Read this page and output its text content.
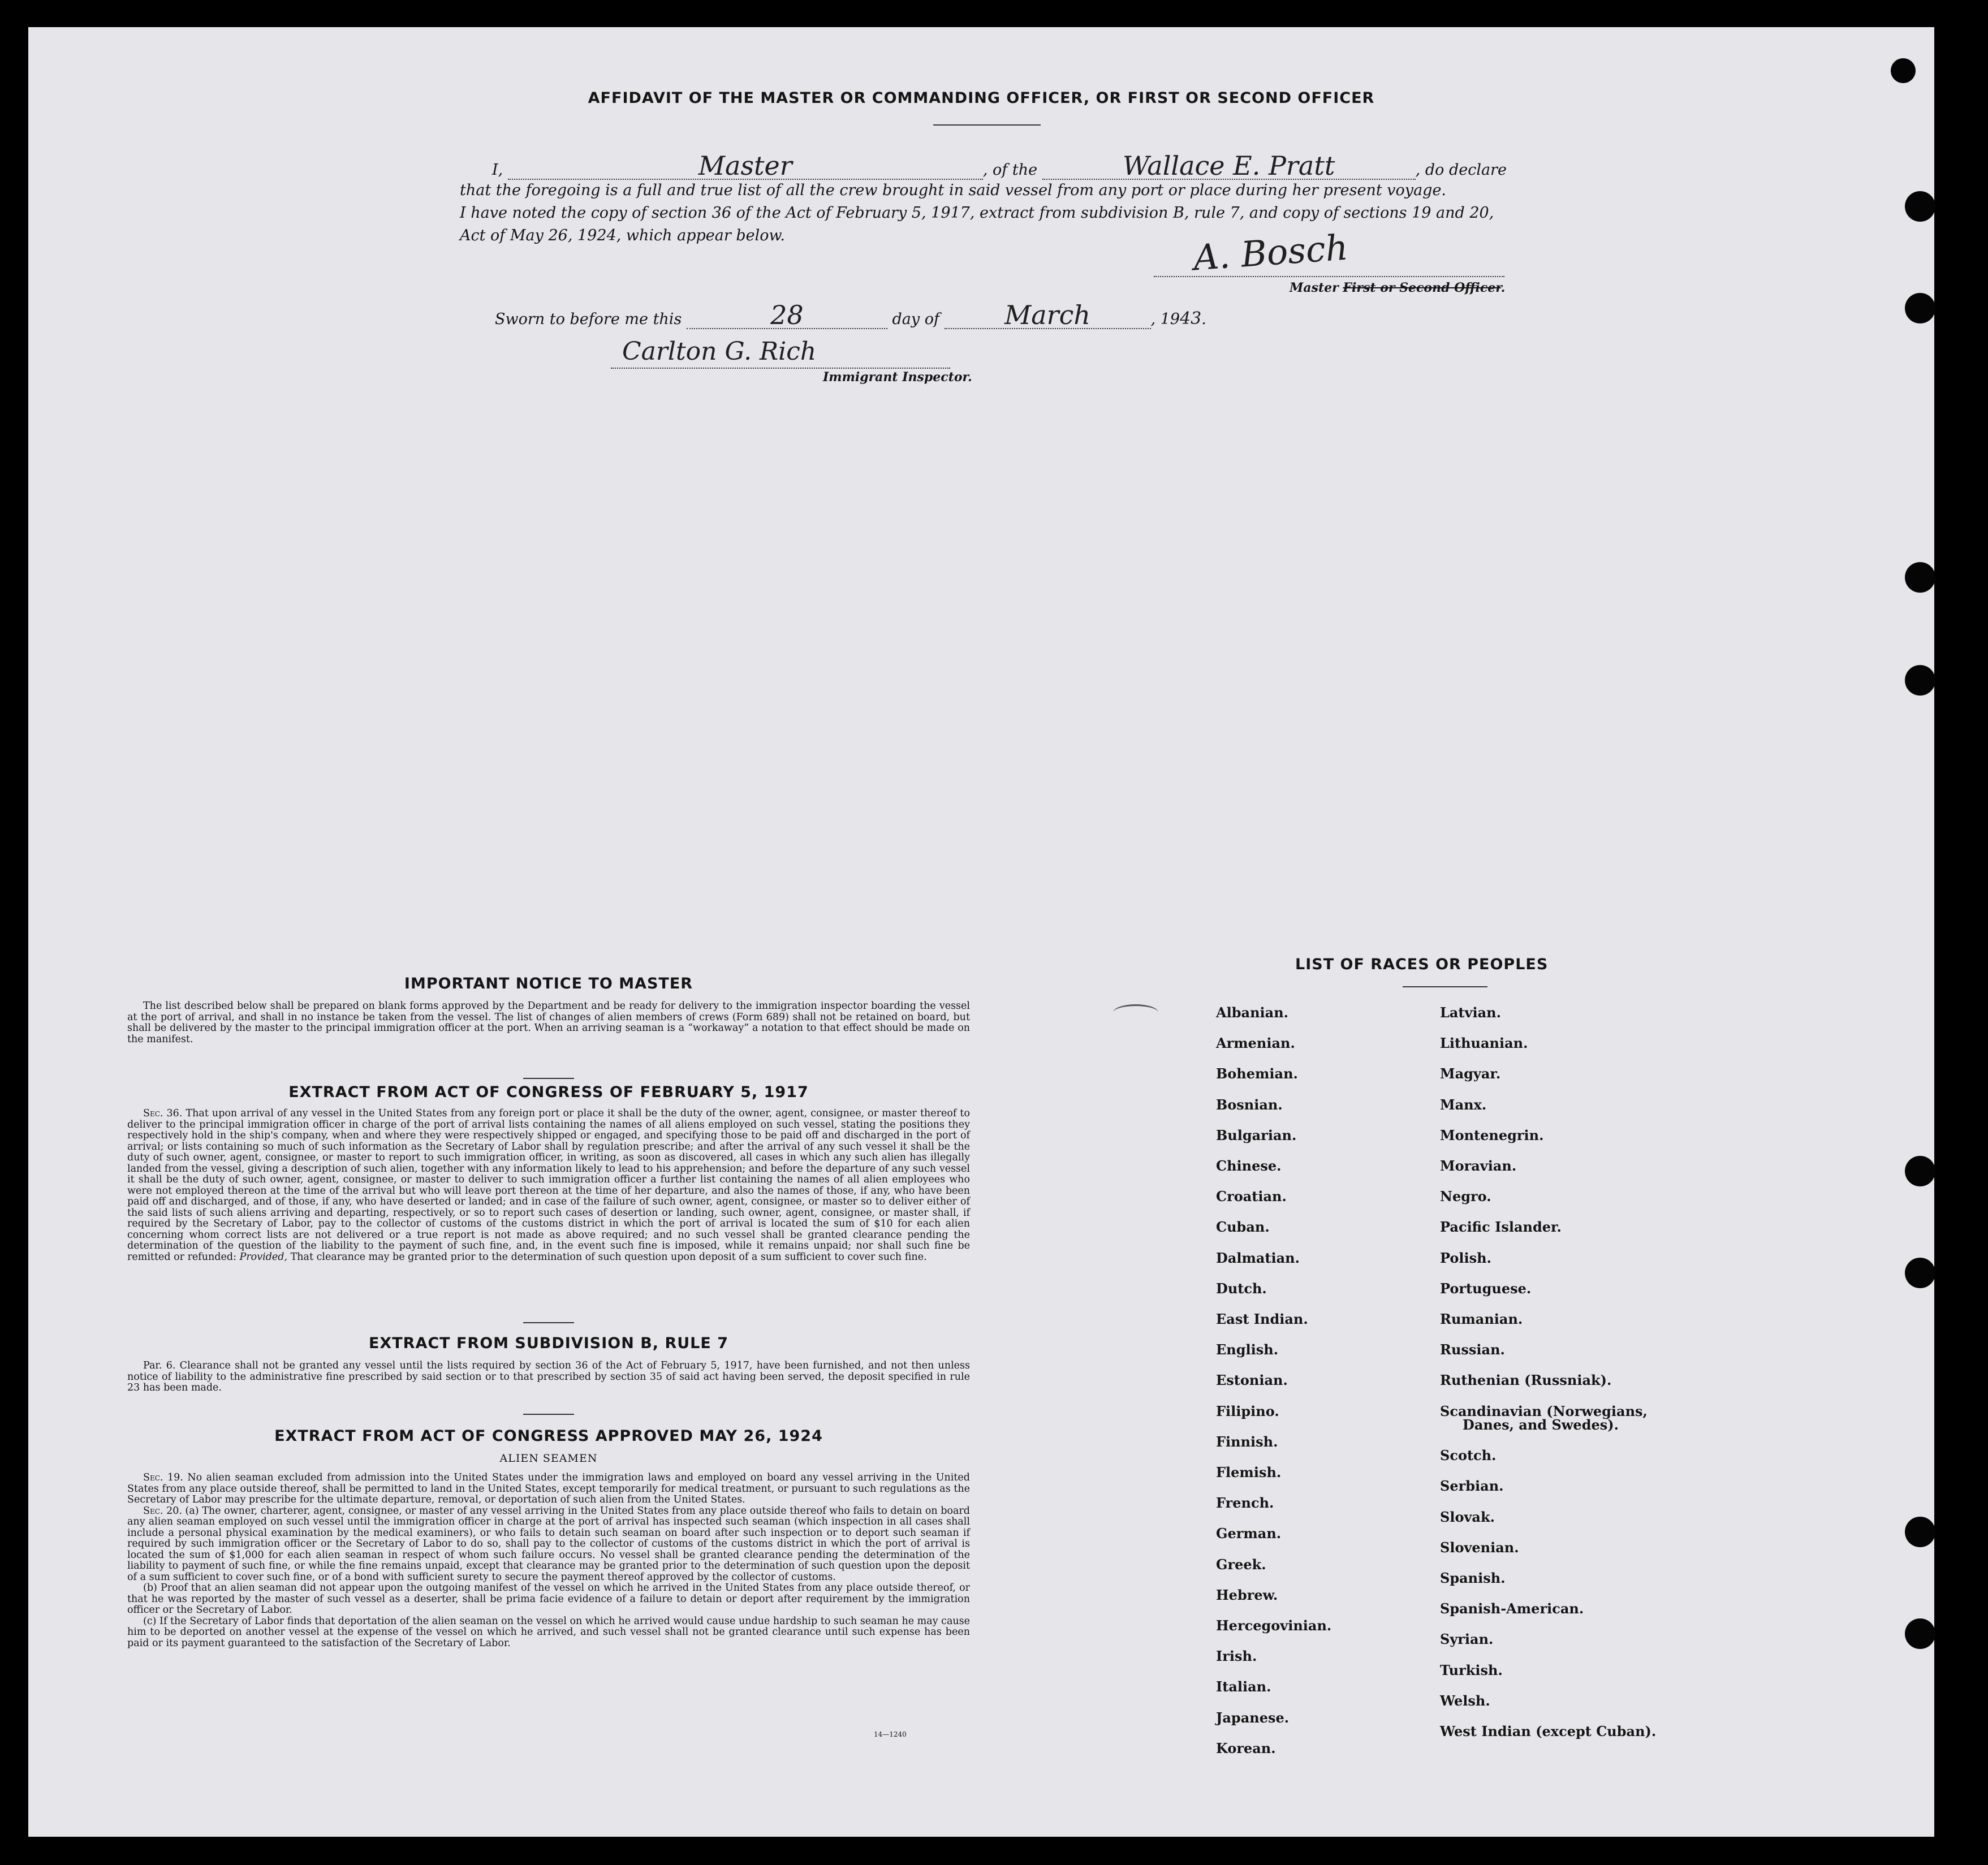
AFFIDAVIT OF THE MASTER OR COMMANDING OFFICER, OR FIRST OR SECOND OFFICER
I,	Master	, of the	Wallace E. Pratt	, do declare
that the foregoing is a full and true list of all the crew brought in said vessel from any port or place during her present voyage.
I have noted the copy of section 36 of the Act of February 5, 1917, extract from subdivision B, rule 7, and copy of sections 19 and 20,
Act of May 26, 1924, which appear below.	A. Bosch
Master First or Second Officer.
Sworn to before me this	28	day of	March	, 1943.
Carlton G. Rich
Immigrant Inspector.
IMPORTANT NOTICE TO MASTER

The list described below shall be prepared on blank forms approved by the Department and be ready for delivery to the immigration inspector boarding the vessel at the port of arrival, and shall in no instance be taken from the vessel. The list of changes of alien members of crews (Form 689) shall not be retained on board, but shall be delivered by the master to the principal immigration officer at the port. When an arriving seaman is a “workaway” a notation to that effect should be made on the manifest.

EXTRACT FROM ACT OF CONGRESS OF FEBRUARY 5, 1917

Sec. 36. That upon arrival of any vessel in the United States from any foreign port or place it shall be the duty of the owner, agent, consignee, or master thereof to deliver to the principal immigration officer in charge of the port of arrival lists containing the names of all aliens employed on such vessel, stating the positions they respectively hold in the ship's company, when and where they were respectively shipped or engaged, and specifying those to be paid off and discharged in the port of arrival; or lists containing so much of such information as the Secretary of Labor shall by regulation prescribe; and after the arrival of any such vessel it shall be the duty of such owner, agent, consignee, or master to report to such immigration officer, in writing, as soon as discovered, all cases in which any such alien has illegally landed from the vessel, giving a description of such alien, together with any information likely to lead to his apprehension; and before the departure of any such vessel it shall be the duty of such owner, agent, consignee, or master to deliver to such immigration officer a further list containing the names of all alien employees who were not employed thereon at the time of the arrival but who will leave port thereon at the time of her departure, and also the names of those, if any, who have been paid off and discharged, and of those, if any, who have deserted or landed; and in case of the failure of such owner, agent, consignee, or master so to deliver either of the said lists of such aliens arriving and departing, respectively, or so to report such cases of desertion or landing, such owner, agent, consignee, or master shall, if required by the Secretary of Labor, pay to the collector of customs of the customs district in which the port of arrival is located the sum of $10 for each alien concerning whom correct lists are not delivered or a true report is not made as above required; and no such vessel shall be granted clearance pending the determination of the question of the liability to the payment of such fine, and, in the event such fine is imposed, while it remains unpaid; nor shall such fine be remitted or refunded: Provided, That clearance may be granted prior to the determination of such question upon deposit of a sum sufficient to cover such fine.

EXTRACT FROM SUBDIVISION B, RULE 7

Par. 6. Clearance shall not be granted any vessel until the lists required by section 36 of the Act of February 5, 1917, have been furnished, and not then unless notice of liability to the administrative fine prescribed by said section or to that prescribed by section 35 of said act having been served, the deposit specified in rule 23 has been made.

EXTRACT FROM ACT OF CONGRESS APPROVED MAY 26, 1924
ALIEN SEAMEN

Sec. 19. No alien seaman excluded from admission into the United States under the immigration laws and employed on board any vessel arriving in the United States from any place outside thereof, shall be permitted to land in the United States, except temporarily for medical treatment, or pursuant to such regulations as the Secretary of Labor may prescribe for the ultimate departure, removal, or deportation of such alien from the United States.

Sec. 20. (a) The owner, charterer, agent, consignee, or master of any vessel arriving in the United States from any place outside thereof who fails to detain on board any alien seaman employed on such vessel until the immigration officer in charge at the port of arrival has inspected such seaman (which inspection in all cases shall include a personal physical examination by the medical examiners), or who fails to detain such seaman on board after such inspection or to deport such seaman if required by such immigration officer or the Secretary of Labor to do so, shall pay to the collector of customs of the customs district in which the port of arrival is located the sum of $1,000 for each alien seaman in respect of whom such failure occurs. No vessel shall be granted clearance pending the determination of the liability to payment of such fine, or while the fine remains unpaid, except that clearance may be granted prior to the determination of such question upon the deposit of a sum sufficient to cover such fine, or of a bond with sufficient surety to secure the payment thereof approved by the collector of customs.

(b) Proof that an alien seaman did not appear upon the outgoing manifest of the vessel on which he arrived in the United States from any place outside thereof, or that he was reported by the master of such vessel as a deserter, shall be prima facie evidence of a failure to detain or deport after requirement by the immigration officer or the Secretary of Labor.

(c) If the Secretary of Labor finds that deportation of the alien seaman on the vessel on which he arrived would cause undue hardship to such seaman he may cause him to be deported on another vessel at the expense of the vessel on which he arrived, and such vessel shall not be granted clearance until such expense has been paid or its payment guaranteed to the satisfaction of the Secretary of Labor.

14—1240
LIST OF RACES OR PEOPLES
Albanian.
Armenian.
Bohemian.
Bosnian.
Bulgarian.
Chinese.
Croatian.
Cuban.
Dalmatian.
Dutch.
East Indian.
English.
Estonian.
Filipino.
Finnish.
Flemish.
French.
German.
Greek.
Hebrew.
Hercegovinian.
Irish.
Italian.
Japanese.
Korean.
Latvian.
Lithuanian.
Magyar.
Manx.
Montenegrin.
Moravian.
Negro.
Pacific Islander.
Polish.
Portuguese.
Rumanian.
Russian.
Ruthenian (Russniak).
Scandinavian (Norwegians,
Danes, and Swedes).
Scotch.
Serbian.
Slovak.
Slovenian.
Spanish.
Spanish-American.
Syrian.
Turkish.
Welsh.
West Indian (except Cuban).
